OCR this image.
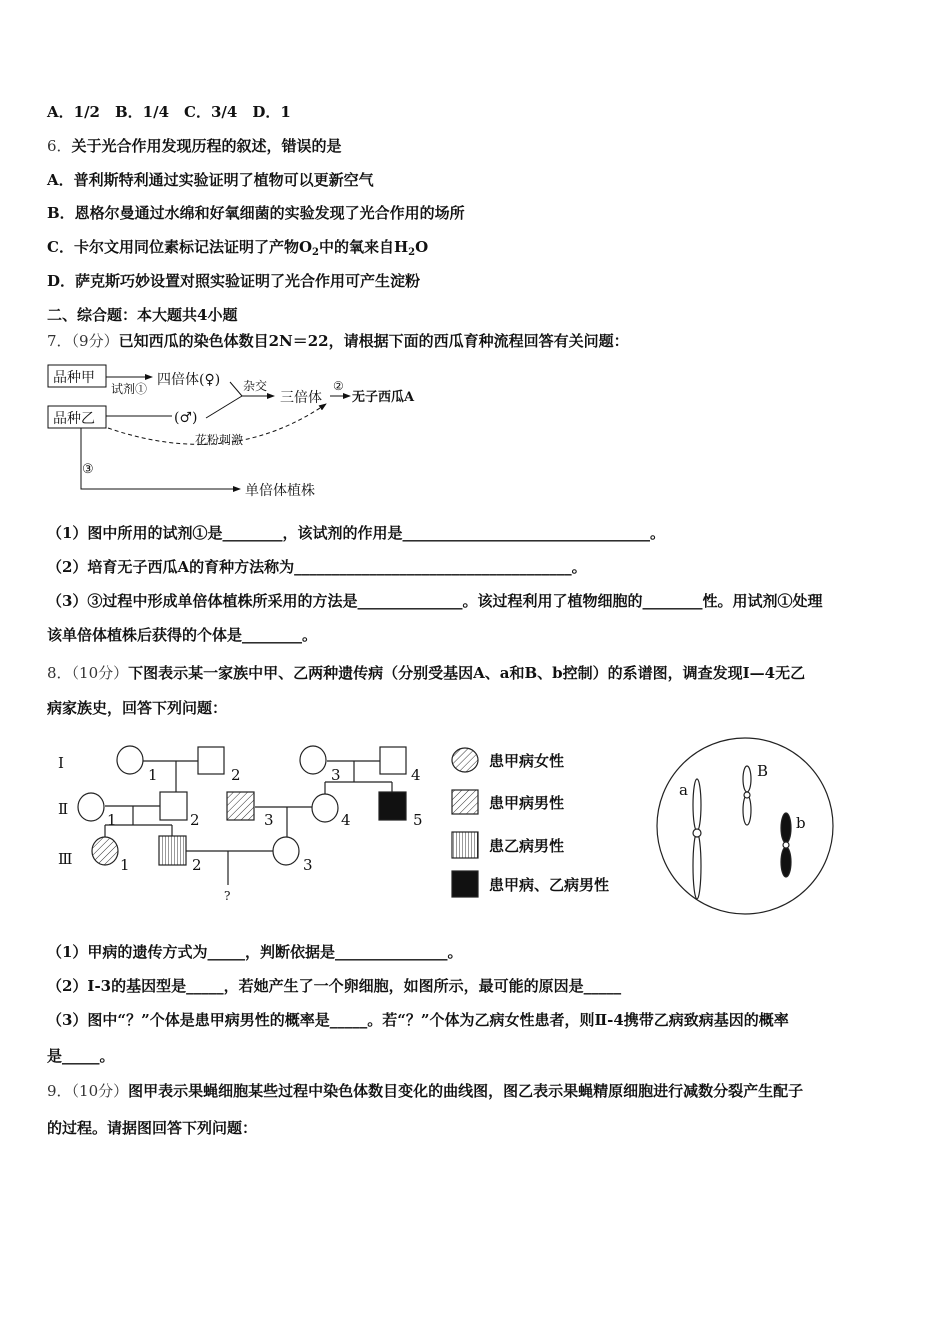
A．1/2　B．1/4　C．3/4　D．1
6．关于光合作用发现历程的叙述，错误的是
A．普利斯特利通过实验证明了植物可以更新空气
B．恩格尔曼通过水绵和好氧细菌的实验发现了光合作用的场所
C．卡尔文用同位素标记法证明了产物$O_2$中的氧来自$H_2O$
D．萨克斯巧妙设置对照实验证明了光合作用可产生淀粉
二、综合题：本大题共4小题
7．（9分）已知西瓜的染色体数目2N＝22，请根据下面的西瓜育种流程回答有关问题：
品种甲
品种乙
试剂①
四倍体(♀)
(♂)
杂交
三倍体
②
无子西瓜A
花粉刺激
③
单倍体植株
Ⅰ
Ⅱ
Ⅲ
1	2	3	4
1	2	3	4	5
1	2	3
?
患甲病女性
患甲病男性
患乙病男性
患甲病、乙病男性
a
B
b
（1）图中所用的试剂①是________，该试剂的作用是_________________________________。
（2）培育无子西瓜A的育种方法称为_____________________________________。
（3）③过程中形成单倍体植株所采用的方法是______________。该过程利用了植物细胞的________性。用试剂①处理
该单倍体植株后获得的个体是________。
8．（10分）下图表示某一家族中甲、乙两种遗传病（分别受基因A、a和B、b控制）的系谱图，调查发现Ⅰ—4无乙
病家族史，回答下列问题：
（1）甲病的遗传方式为_____，判断依据是_______________。
（2）Ⅰ-3的基因型是_____，若她产生了一个卵细胞，如图所示，最可能的原因是_____
（3）图中“？”个体是患甲病男性的概率是_____。若“？”个体为乙病女性患者，则Ⅱ-4携带乙病致病基因的概率
是_____。
9．（10分）图甲表示果蝇细胞某些过程中染色体数目变化的曲线图，图乙表示果蝇精原细胞进行减数分裂产生配子
的过程。请据图回答下列问题：
